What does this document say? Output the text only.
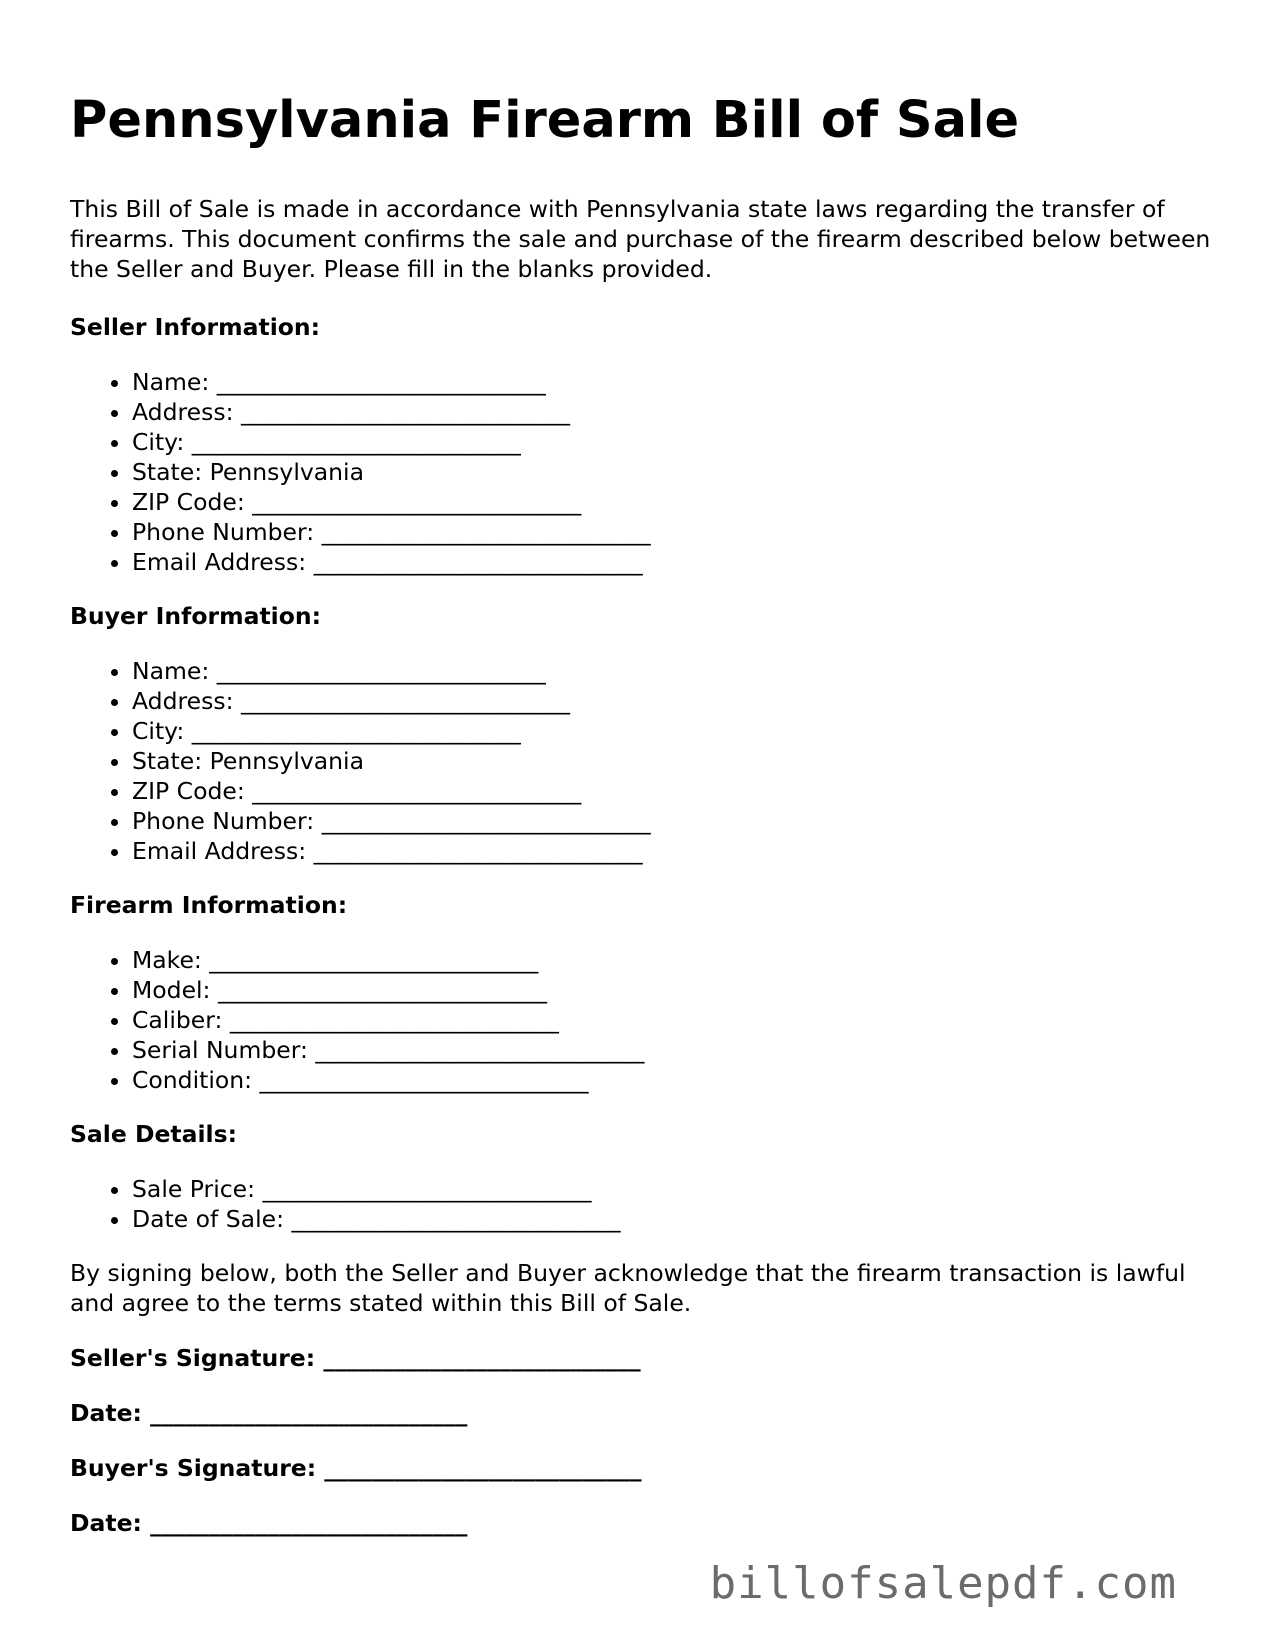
Pennsylvania Firearm Bill of Sale

This Bill of Sale is made in accordance with Pennsylvania state laws regarding the transfer of firearms. This document confirms the sale and purchase of the firearm described below between the Seller and Buyer. Please fill in the blanks provided.

Seller Information:
• Name: ____________________________
• Address: ____________________________
• City: ____________________________
• State: Pennsylvania
• ZIP Code: ____________________________
• Phone Number: ____________________________
• Email Address: ____________________________
Buyer Information:
• Name: ____________________________
• Address: ____________________________
• City: ____________________________
• State: Pennsylvania
• ZIP Code: ____________________________
• Phone Number: ____________________________
• Email Address: ____________________________
Firearm Information:
• Make: ____________________________
• Model: ____________________________
• Caliber: ____________________________
• Serial Number: ____________________________
• Condition: ____________________________
Sale Details:
• Sale Price: ____________________________
• Date of Sale: ____________________________

By signing below, both the Seller and Buyer acknowledge that the firearm transaction is lawful and agree to the terms stated within this Bill of Sale.

Seller's Signature: ___________________________

Date: ___________________________

Buyer's Signature: ___________________________

Date: ___________________________

billofsalepdf.com
